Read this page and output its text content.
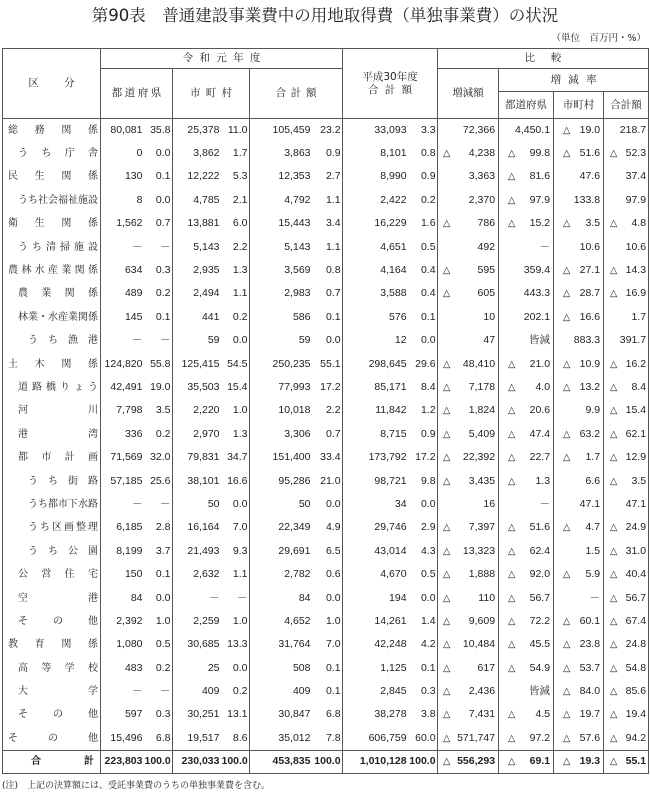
第90表　普通建設事業費中の用地取得費（単独事業費）の状況
（単位　百万円・%）
区分	令和元年度						平成30年度
合計額		比較			
	都道府県		市町村		合計額				増減額	増減率		
										都道府県	市町村	合計額

総務関係	80,081	35.8	25,378	11.0	105,459	23.2	33,093	3.3	72,366	4,450.1	△ 19.0	218.7

うち庁舎	0	0.0	3,862	1.7	3,863	0.9	8,101	0.8	△ 4,238	△ 99.8	△ 51.6	△ 52.3

民生関係	130	0.1	12,222	5.3	12,353	2.7	8,990	0.9	3,363	△ 81.6	47.6	37.4

うち社会福祉施設	8	0.0	4,785	2.1	4,792	1.1	2,422	0.2	2,370	△ 97.9	133.8	97.9

衛生関係	1,562	0.7	13,881	6.0	15,443	3.4	16,229	1.6	△ 786	△ 15.2	△ 3.5	△ 4.8

うち清掃施設	－	－	5,143	2.2	5,143	1.1	4,651	0.5	492	－	10.6	10.6

農林水産業関係	634	0.3	2,935	1.3	3,569	0.8	4,164	0.4	△ 595	359.4	△ 27.1	△ 14.3

農業関係	489	0.2	2,494	1.1	2,983	0.7	3,588	0.4	△ 605	443.3	△ 28.7	△ 16.9

林業・水産業関係	145	0.1	441	0.2	586	0.1	576	0.1	10	202.1	△ 16.6	1.7

うち漁港	－	－	59	0.0	59	0.0	12	0.0	47	皆減	883.3	391.7

土木関係	124,820	55.8	125,415	54.5	250,235	55.1	298,645	29.6	△ 48,410	△ 21.0	△ 10.9	△ 16.2

道路橋りょう	42,491	19.0	35,503	15.4	77,993	17.2	85,171	8.4	△ 7,178	△ 4.0	△ 13.2	△ 8.4

河川	7,798	3.5	2,220	1.0	10,018	2.2	11,842	1.2	△ 1,824	△ 20.6	9.9	△ 15.4

港湾	336	0.2	2,970	1.3	3,306	0.7	8,715	0.9	△ 5,409	△ 47.4	△ 63.2	△ 62.1

都市計画	71,569	32.0	79,831	34.7	151,400	33.4	173,792	17.2	△ 22,392	△ 22.7	△ 1.7	△ 12.9

うち街路	57,185	25.6	38,101	16.6	95,286	21.0	98,721	9.8	△ 3,435	△ 1.3	6.6	△ 3.5

うち都市下水路	－	－	50	0.0	50	0.0	34	0.0	16	－	47.1	47.1

うち区画整理	6,185	2.8	16,164	7.0	22,349	4.9	29,746	2.9	△ 7,397	△ 51.6	△ 4.7	△ 24.9

うち公園	8,199	3.7	21,493	9.3	29,691	6.5	43,014	4.3	△ 13,323	△ 62.4	1.5	△ 31.0

公営住宅	150	0.1	2,632	1.1	2,782	0.6	4,670	0.5	△ 1,888	△ 92.0	△ 5.9	△ 40.4

空港	84	0.0	－	－	84	0.0	194	0.0	△ 110	△ 56.7	－	△ 56.7

その他	2,392	1.0	2,259	1.0	4,652	1.0	14,261	1.4	△ 9,609	△ 72.2	△ 60.1	△ 67.4

教育関係	1,080	0.5	30,685	13.3	31,764	7.0	42,248	4.2	△ 10,484	△ 45.5	△ 23.8	△ 24.8

高等学校	483	0.2	25	0.0	508	0.1	1,125	0.1	△ 617	△ 54.9	△ 53.7	△ 54.8

大学	－	－	409	0.2	409	0.1	2,845	0.3	△ 2,436	皆減	△ 84.0	△ 85.6

その他	597	0.3	30,251	13.1	30,847	6.8	38,278	3.8	△ 7,431	△ 4.5	△ 19.7	△ 19.4

その他	15,496	6.8	19,517	8.6	35,012	7.8	606,759	60.0	△ 571,747	△ 97.2	△ 57.6	△ 94.2

合計	223,803	100.0	230,033	100.0	453,835	100.0	1,010,128	100.0	△ 556,293	△ 69.1	△ 19.3	△ 55.1
(注)　上記の決算額には、受託事業費のうちの単独事業費を含む。
